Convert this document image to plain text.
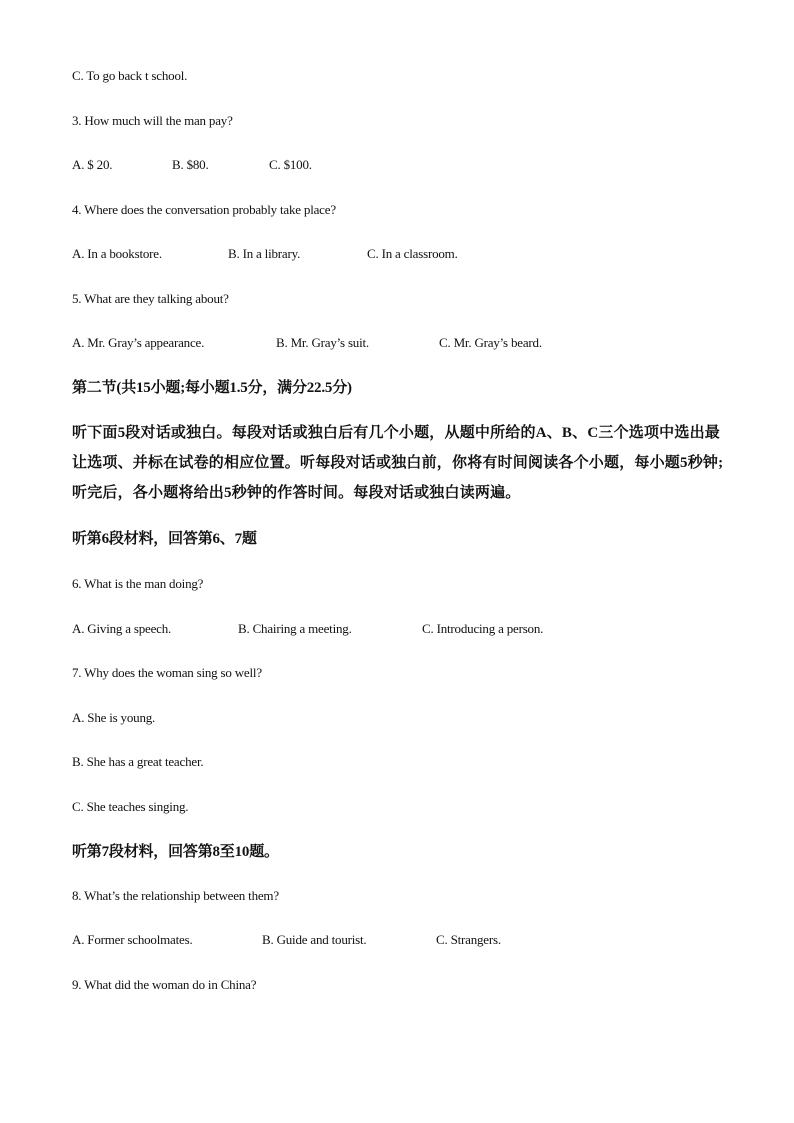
C. To go back t school.
3. How much will the man pay?
A. $ 20.	B. $80.	C. $100.
4. Where does the conversation probably take place?
A. In a bookstore.	B. In a library.	C. In a classroom.
5. What are they talking about?
A. Mr. Gray’s appearance.	B. Mr. Gray’s suit.	C. Mr. Gray’s beard.
第二节(共15小题;每小题1.5分，满分22.5分)
听下面5段对话或独白。每段对话或独白后有几个小题，从题中所给的A、B、C三个选项中选出最让选项、并标在试卷的相应位置。听每段对话或独白前，你将有时间阅读各个小题，每小题5秒钟;听完后，各小题将给出5秒钟的作答时间。每段对话或独白读两遍。
听第6段材料，回答第6、7题
6. What is the man doing?
A. Giving a speech.	B. Chairing a meeting.	C. Introducing a person.
7. Why does the woman sing so well?
A. She is young.
B. She has a great teacher.
C. She teaches singing.
听第7段材料，回答第8至10题。
8. What’s the relationship between them?
A. Former schoolmates.	B. Guide and tourist.	C. Strangers.
9. What did the woman do in China?
